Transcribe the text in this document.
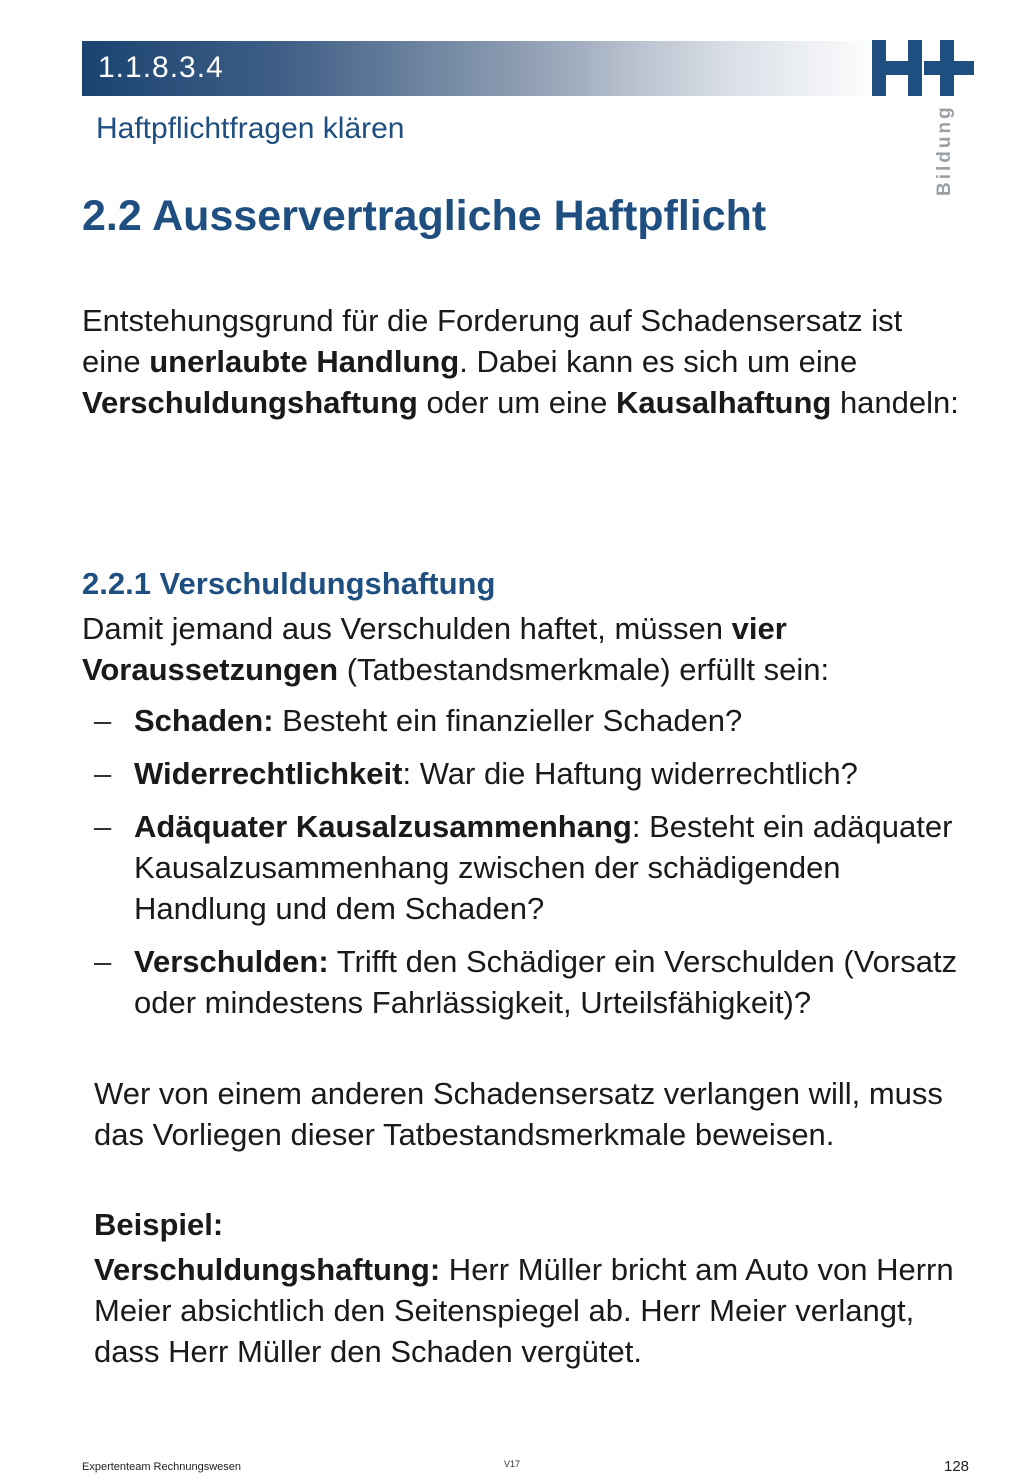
1.1.8.3.4
Bildung
Haftpflichtfragen klären
2.2 Ausservertragliche Haftpflicht

Entstehungsgrund für die Forderung auf Schadensersatz ist eine unerlaubte Handlung. Dabei kann es sich um eine Verschuldungshaftung oder um eine Kausalhaftung handeln:

2.2.1 Verschuldungshaftung

Damit jemand aus Verschulden haftet, müssen vier Voraussetzungen (Tatbestandsmerkmale) erfüllt sein:

– Schaden: Besteht ein finanzieller Schaden?
– Widerrechtlichkeit: War die Haftung widerrechtlich?
– Adäquater Kausalzusammenhang: Besteht ein adäquater Kausalzusammenhang zwischen der schädigenden Handlung und dem Schaden?
– Verschulden: Trifft den Schädiger ein Verschulden (Vorsatz oder mindestens Fahrlässigkeit, Urteilsfähigkeit)?

Wer von einem anderen Schadensersatz verlangen will, muss das Vorliegen dieser Tatbestandsmerkmale beweisen.

Beispiel:

Verschuldungshaftung: Herr Müller bricht am Auto von Herrn Meier absichtlich den Seitenspiegel ab. Herr Meier verlangt, dass Herr Müller den Schaden vergütet.

Expertenteam Rechnungswesen	V17	128
